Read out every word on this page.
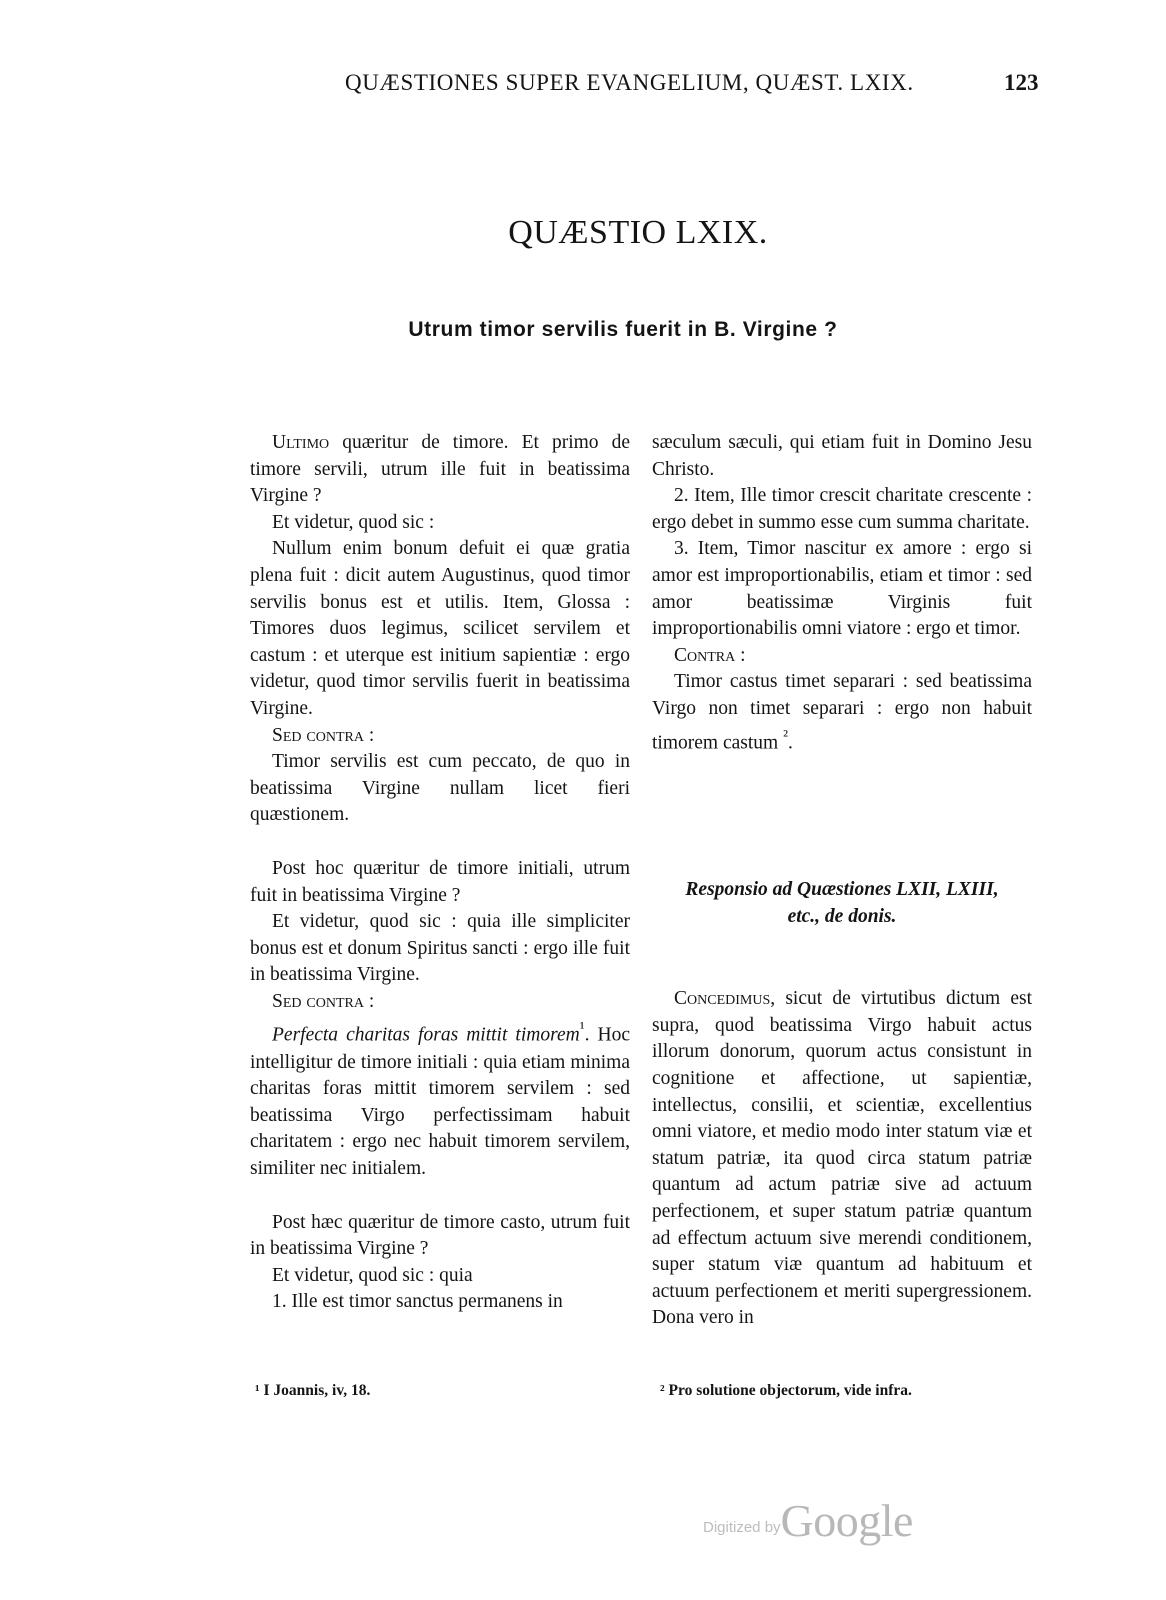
QUÆSTIONES SUPER EVANGELIUM, QUÆST. LXIX.	123
QUÆSTIO LXIX.
Utrum timor servilis fuerit in B. Virgine ?

Ultimo quæritur de timore. Et primo de timore servili, utrum ille fuit in beatissima Virgine ?

Et videtur, quod sic :

Nullum enim bonum defuit ei quæ gratia plena fuit : dicit autem Augustinus, quod timor servilis bonus est et utilis. Item, Glossa : Timores duos legimus, scilicet servilem et castum : et uterque est initium sapientiæ : ergo videtur, quod timor servilis fuerit in beatissima Virgine.

Sed contra :

Timor servilis est cum peccato, de quo in beatissima Virgine nullam licet fieri quæstionem.

Post hoc quæritur de timore initiali, utrum fuit in beatissima Virgine ?

Et videtur, quod sic : quia ille simpliciter bonus est et donum Spiritus sancti : ergo ille fuit in beatissima Virgine.

Sed contra :

Perfecta charitas foras mittit timorem$^{^1}$. Hoc intelligitur de timore initiali : quia etiam minima charitas foras mittit timorem servilem : sed beatissima Virgo perfectissimam habuit charitatem : ergo nec habuit timorem servilem, similiter nec initialem.

Post hæc quæritur de timore casto, utrum fuit in beatissima Virgine ?

Et videtur, quod sic : quia

1. Ille est timor sanctus permanens in

sæculum sæculi, qui etiam fuit in Domino Jesu Christo.

2. Item, Ille timor crescit charitate crescente : ergo debet in summo esse cum summa charitate.

3. Item, Timor nascitur ex amore : ergo si amor est improportionabilis, etiam et timor : sed amor beatissimæ Virginis fuit improportionabilis omni viatore : ergo et timor.

Contra :

Timor castus timet separari : sed beatissima Virgo non timet separari : ergo non habuit timorem castum $^{^2}$.

Responsio ad Quæstiones LXII, LXIII,

etc., de donis.

Concedimus, sicut de virtutibus dictum est supra, quod beatissima Virgo habuit actus illorum donorum, quorum actus consistunt in cognitione et affectione, ut sapientiæ, intellectus, consilii, et scientiæ, excellentius omni viatore, et medio modo inter statum viæ et statum patriæ, ita quod circa statum patriæ quantum ad actum patriæ sive ad actuum perfectionem, et super statum patriæ quantum ad effectum actuum sive merendi conditionem, super statum viæ quantum ad habituum et actuum perfectionem et meriti supergressionem. Dona vero in

¹ I Joannis, iv, 18.	² Pro solutione objectorum, vide infra.
Digitized byGoogle
